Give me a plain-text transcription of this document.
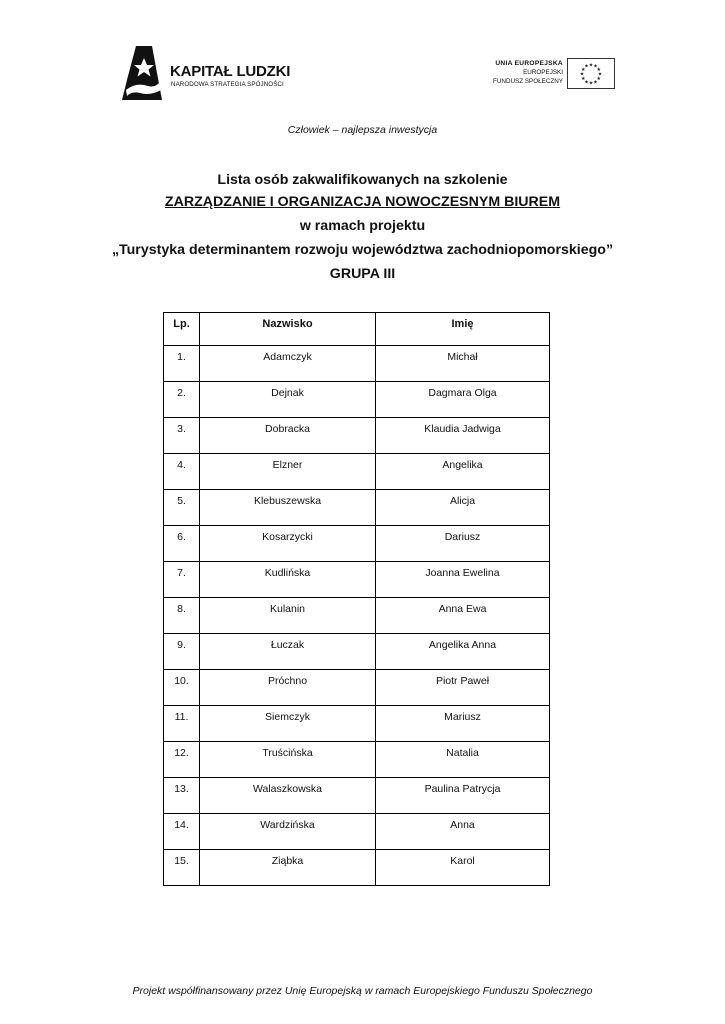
KAPITAŁ LUDZKI
NARODOWA STRATEGIA SPÓJNOŚCI
UNIA EUROPEJSKA
EUROPEJSKI
FUNDUSZ SPOŁECZNY
★
★
★
★
★
★
★
★
★ ★ ★
★
Człowiek – najlepsza inwestycja
Lista osób zakwalifikowanych na szkolenie
ZARZĄDZANIE I ORGANIZACJA NOWOCZESNYM BIUREM
w ramach projektu
„Turystyka determinantem rozwoju województwa zachodniopomorskiego”
GRUPA III
Lp.	Nazwisko	Imię
1.	Adamczyk	Michał
2.	Dejnak	Dagmara Olga
3.	Dobracka	Klaudia Jadwiga
4.	Elzner	Angelika
5.	Klebuszewska	Alicja
6.	Kosarzycki	Dariusz
7.	Kudlińska	Joanna Ewelina
8.	Kulanin	Anna Ewa
9.	Łuczak	Angelika Anna
10.	Próchno	Piotr Paweł
11.	Siemczyk	Mariusz
12.	Truścińska	Natalia
13.	Walaszkowska	Paulina Patrycja
14.	Wardzińska	Anna
15.	Ziąbka	Karol
Projekt współfinansowany przez Unię Europejską w ramach Europejskiego Funduszu Społecznego
